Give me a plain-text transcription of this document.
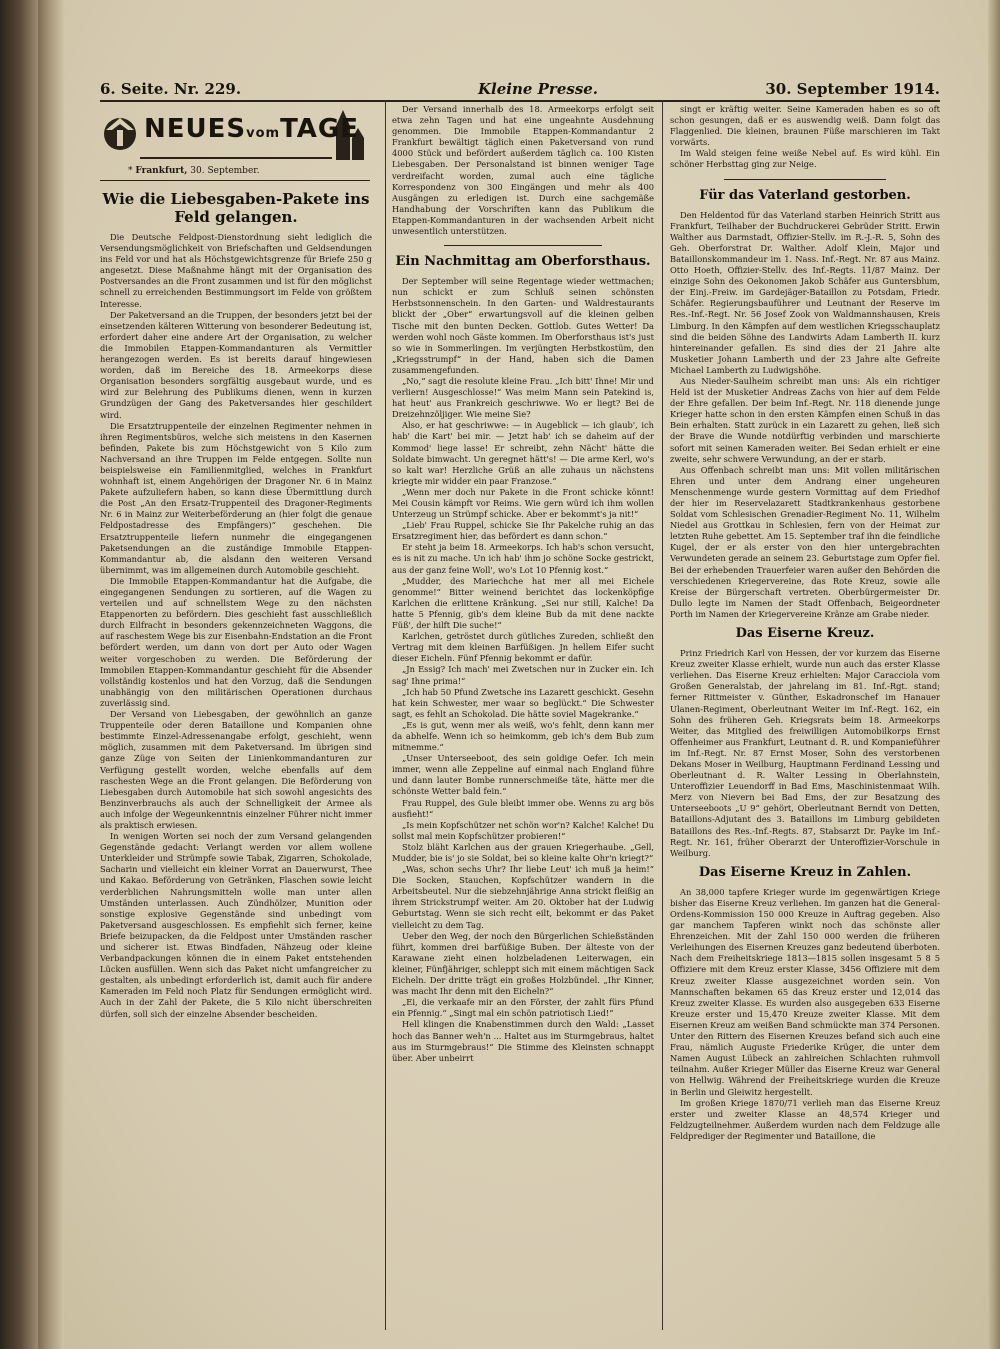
6. Seite. Nr. 229.	Kleine Presse.	30. September 1914.
NEUESvomTAGE
* Frankfurt, 30. September.
Wie die Liebesgaben-Pakete ins Feld gelangen.

Die Deutsche Feldpost-Dienstordnung sieht lediglich die Versendungsmöglichkeit von Briefschaften und Geldsendungen ins Feld vor und hat als Höchstgewichtsgrenze für Briefe 250 g angesetzt. Diese Maßnahme hängt mit der Organisation des Postversandes an die Front zusammen und ist für den möglichst schnell zu erreichenden Bestimmungsort im Felde von größtem Interesse.

Der Paketversand an die Truppen, der besonders jetzt bei der einsetzenden kälteren Witterung von besonderer Bedeutung ist, erfordert daher eine andere Art der Organisation, zu welcher die Immobilen Etappen-Kommandanturen als Vermittler herangezogen werden. Es ist bereits darauf hingewiesen worden, daß im Bereiche des 18. Armeekorps diese Organisation besonders sorgfältig ausgebaut wurde, und es wird zur Belehrung des Publikums dienen, wenn in kurzen Grundzügen der Gang des Paketversandes hier geschildert wird.

Die Ersatztruppenteile der einzelnen Regimenter nehmen in ihren Regimentsbüros, welche sich meistens in den Kasernen befinden, Pakete bis zum Höchstgewicht von 5 Kilo zum Nachversand an ihre Truppen im Felde entgegen. Sollte nun beispielsweise ein Familienmitglied, welches in Frankfurt wohnhaft ist, einem Angehörigen der Dragoner Nr. 6 in Mainz Pakete aufzuliefern haben, so kann diese Übermittlung durch die Post „An den Ersatz-Truppenteil des Dragoner-Regiments Nr. 6 in Mainz zur Weiterbeförderung an (hier folgt die genaue Feldpostadresse des Empfängers)“ geschehen. Die Ersatztruppenteile liefern nunmehr die eingegangenen Paketsendungen an die zuständige Immobile Etappen-Kommandantur ab, die alsdann den weiteren Versand übernimmt, was im allgemeinen durch Automobile geschieht.

Die Immobile Etappen-Kommandantur hat die Aufgabe, die eingegangenen Sendungen zu sortieren, auf die Wagen zu verteilen und auf schnellstem Wege zu den nächsten Etappenorten zu befördern. Dies geschieht fast ausschließlich durch Eilfracht in besonders gekennzeichneten Waggons, die auf raschestem Wege bis zur Eisenbahn-Endstation an die Front befördert werden, um dann von dort per Auto oder Wagen weiter vorgeschoben zu werden. Die Beförderung der Immobilen Etappen-Kommandantur geschieht für die Absender vollständig kostenlos und hat den Vorzug, daß die Sendungen unabhängig von den militärischen Operationen durchaus zuverlässig sind.

Der Versand von Liebesgaben, der gewöhnlich an ganze Truppenteile oder deren Bataillone und Kompanien ohne bestimmte Einzel-Adressenangabe erfolgt, geschieht, wenn möglich, zusammen mit dem Paketversand. Im übrigen sind ganze Züge von Seiten der Linienkommandanturen zur Verfügung gestellt worden, welche ebenfalls auf dem raschesten Wege an die Front gelangen. Die Beförderung von Liebesgaben durch Automobile hat sich sowohl angesichts des Benzinverbrauchs als auch der Schnelligkeit der Armee als auch infolge der Wegeunkenntnis einzelner Führer nicht immer als praktisch erwiesen.

In wenigen Worten sei noch der zum Versand gelangenden Gegenstände gedacht: Verlangt werden vor allem wollene Unterkleider und Strümpfe sowie Tabak, Zigarren, Schokolade, Sacharin und vielleicht ein kleiner Vorrat an Dauerwurst, Thee und Kakao. Beförderung von Getränken, Flaschen sowie leicht verderblichen Nahrungsmitteln wolle man unter allen Umständen unterlassen. Auch Zündhölzer, Munition oder sonstige explosive Gegenstände sind unbedingt vom Paketversand ausgeschlossen. Es empfiehlt sich ferner, keine Briefe beizupacken, da die Feldpost unter Umständen rascher und sicherer ist. Etwas Bindfaden, Nähzeug oder kleine Verbandpackungen können die in einem Paket entstehenden Lücken ausfüllen. Wenn sich das Paket nicht umfangreicher zu gestalten, als unbedingt erforderlich ist, damit auch für andere Kameraden im Feld noch Platz für Sendungen ermöglicht wird. Auch in der Zahl der Pakete, die 5 Kilo nicht überschreiten dürfen, soll sich der einzelne Absender bescheiden.

Der Versand innerhalb des 18. Armeekorps erfolgt seit etwa zehn Tagen und hat eine ungeahnte Ausdehnung genommen. Die Immobile Etappen-Kommandantur 2 Frankfurt bewältigt täglich einen Paketversand von rund 4000 Stück und befördert außerdem täglich ca. 100 Kisten Liebesgaben. Der Personalstand ist binnen weniger Tage verdreifacht worden, zumal auch eine tägliche Korrespondenz von 300 Eingängen und mehr als 400 Ausgängen zu erledigen ist. Durch eine sachgemäße Handhabung der Vorschriften kann das Publikum die Etappen-Kommandanturen in der wachsenden Arbeit nicht unwesentlich unterstützen.

Ein Nachmittag am Oberforsthaus.

Der September will seine Regentage wieder wettmachen; nun schickt er zum Schluß seinen schönsten Herbstsonnenschein. In den Garten- und Waldrestaurants blickt der „Ober“ erwartungsvoll auf die kleinen gelben Tische mit den bunten Decken. Gottlob. Gutes Wetter! Da werden wohl noch Gäste kommen. Im Oberforsthaus ist's just so wie in Sommerlingen. Im verjüngten Herbstkostüm, den „Kriegsstrumpf“ in der Hand, haben sich die Damen zusammengefunden.

„No,“ sagt die resolute kleine Frau. „Ich bitt' Ihne! Mir und verliern! Ausgeschlosse!“ Was meim Mann sein Patekind is, hat heut' aus Frankreich geschriwwe. Wo er liegt? Bei de Dreizehnzöljiger. Wie meine Sie?

Also, er hat geschriwwe: — in Augeblick — ich glaub', ich hab' die Kart' bei mir. — Jetzt hab' ich se daheim auf der Kommod' liege lasse! Er schreibt, zehn Nächt' hätte die Soldate bimwacht. Un geregnet hätt's! — Die arme Kerl, wo's so kalt war! Herzliche Grüß an alle zuhaus un nächstens kriegte mir widder ein paar Franzose.“

„Wenn mer doch nur Pakete in die Front schicke könnt! Mei Cousin kämpft vor Reims. Wie gern würd ich ihm wollen Unterzeug un Strümpf schicke. Aber er bekommt's ja nit!“

„Lieb' Frau Ruppel, schicke Sie Ihr Pakelche ruhig an das Ersatzregiment hier, das befördert es dann schon.“

Er steht ja beim 18. Armeekorps. Ich hab's schon versucht, es is nit zu mache. Un ich hab' ihm jo schöne Socke gestrickt, aus der ganz feine Woll', wo's Lot 10 Pfennig kost.“

„Mudder, des Mariechche hat mer all mei Eichele genomme!“ Bitter weinend berichtet das lockenköpfige Karlchen die erlittene Kränkung. „Sei nur still, Kalche! Da hatte 5 Pfennig, gib's dem kleine Bub da mit dene nackte Füß', der hilft Die suche!“

Karlchen, getröstet durch gütliches Zureden, schließt den Vertrag mit dem kleinen Barfüßigen. Jn hellem Eifer sucht dieser Eicheln. Fünf Pfennig bekommt er dafür.

„Jn Essig? Ich mach' mei Zwetschen nur in Zucker ein. Ich sag' Ihne prima!“

„Ich hab 50 Pfund Zwetsche ins Lazarett geschickt. Gesehn hat kein Schwester, mer waar so beglückt.“ Die Schwester sagt, es fehlt an Schokolad. Die hätte soviel Magekranke.“

„Es is gut, wenn mer als weiß, wo's fehlt, denn kann mer da abhelfe. Wenn ich so heimkomm, geb ich's dem Bub zum mitnemme.“

„Unser Unterseeboot, des sein goldige Oefer. Ich mein immer, wenn alle Zeppeline auf einmal nach England führe und dann lauter Bombe runnerschmeiße täte, hätte mer die schönste Wetter bald fein.“

Frau Ruppel, des Gule bleibt immer obe. Wenns zu arg bös ausfieht!“

„Is mein Kopfschützer net schön wor'n? Kalche! Kalche! Du sollst mal mein Kopfschützer probieren!“

Stolz bläht Karlchen aus der grauen Kriegerhaube. „Gell, Mudder, bie is' jo sie Soldat, bei so kleine kalte Ohr'n kriegt?“

„Was, schon sechs Uhr? Ihr liebe Leut' ich muß ja heim!“ Die Socken, Stauchen, Kopfschützer wandern in die Arbeitsbeutel. Nur die siebzehnjährige Anna strickt fleißig an ihrem Strickstrumpf weiter. Am 20. Oktober hat der Ludwig Geburtstag. Wenn sie sich recht eilt, bekommt er das Paket vielleicht zu dem Tag.

Ueber den Weg, der noch den Bürgerlichen Schießständen führt, kommen drei barfüßige Buben. Der älteste von der Karawane zieht einen holzbeladenen Leiterwagen, ein kleiner, Fünfjähriger, schleppt sich mit einem mächtigen Sack Eicheln. Der dritte trägt ein großes Holzbündel. „Ihr Kinner, was macht Ihr denn mit den Eicheln?“

„Ei, die verkaafe mir an den Förster, der zahlt fürs Pfund ein Pfennig.“ „Singt mal ein schön patriotisch Lied!“

Hell klingen die Knabenstimmen durch den Wald: „Lasset hoch das Banner weh'n ... Haltet aus im Sturmgebraus, haltet aus im Sturmgebraus!“ Die Stimme des Kleinsten schnappt über. Aber unbeirrt

singt er kräftig weiter. Seine Kameraden haben es so oft schon gesungen, daß er es auswendig weiß. Dann folgt das Flaggenlied. Die kleinen, braunen Füße marschieren im Takt vorwärts.

Im Wald steigen feine weiße Nebel auf. Es wird kühl. Ein schöner Herbsttag ging zur Neige.

Für das Vaterland gestorben.

Den Heldentod für das Vaterland starben Heinrich Stritt aus Frankfurt, Teilhaber der Buchdruckerei Gebrüder Stritt. Erwin Walther aus Darmstadt, Offizier-Stellv. im R.-J.-R. 5, Sohn des Geh. Oberforstrat Dr. Walther. Adolf Klein, Major und Bataillonskommandeur im 1. Nass. Inf.-Regt. Nr. 87 aus Mainz. Otto Hoeth, Offizier-Stellv. des Inf.-Regts. 11/87 Mainz. Der einzige Sohn des Oekonomen Jakob Schäfer aus Guntersblum, der Einj.-Freiw. im Gardejäger-Bataillon zu Potsdam, Friedr. Schäfer. Regierungsbauführer und Leutnant der Reserve im Res.-Inf.-Regt. Nr. 56 Josef Zook von Waldmannshausen, Kreis Limburg. In den Kämpfen auf dem westlichen Kriegsschauplatz sind die beiden Söhne des Landwirts Adam Lamberth II. kurz hintereinander gefallen. Es sind dies der 21 Jahre alte Musketier Johann Lamberth und der 23 Jahre alte Gefreite Michael Lamberth zu Ludwigshöhe.

Aus Nieder-Saulheim schreibt man uns: Als ein richtiger Held ist der Musketier Andreas Zachs von hier auf dem Felde der Ehre gefallen. Der beim Inf.-Regt. Nr. 118 dienende junge Krieger hatte schon in den ersten Kämpfen einen Schuß in das Bein erhalten. Statt zurück in ein Lazarett zu gehen, ließ sich der Brave die Wunde notdürftig verbinden und marschierte sofort mit seinen Kameraden weiter. Bei Sedan erhielt er eine zweite, sehr schwere Verwundung, an der er starb.

Aus Offenbach schreibt man uns: Mit vollen militärischen Ehren und unter dem Andrang einer ungeheuren Menschenmenge wurde gestern Vormittag auf dem Friedhof der hier im Reservelazarett Stadtkrankenhaus gestorbene Soldat vom Schlesischen Grenadier-Regiment No. 11, Wilhelm Niedel aus Grottkau in Schlesien, fern von der Heimat zur letzten Ruhe gebettet. Am 15. September traf ihn die feindliche Kugel, der er als erster von den hier untergebrachten Verwundeten gerade an seinem 23. Geburtstage zum Opfer fiel. Bei der erhebenden Trauerfeier waren außer den Behörden die verschiedenen Kriegervereine, das Rote Kreuz, sowie alle Kreise der Bürgerschaft vertreten. Oberbürgermeister Dr. Dullo legte im Namen der Stadt Offenbach, Beigeordneter Porth im Namen der Kriegervereine Kränze am Grabe nieder.

Das Eiserne Kreuz.

Prinz Friedrich Karl von Hessen, der vor kurzem das Eiserne Kreuz zweiter Klasse erhielt, wurde nun auch das erster Klasse verliehen. Das Eiserne Kreuz erhielten: Major Caracciola vom Großen Generalstab, der jahrelang im 81. Inf.-Rgt. stand; ferner Rittmeister v. Günther, Eskadronschef im Hanauer Ulanen-Regiment, Oberleutnant Weiter im Inf.-Regt. 162, ein Sohn des früheren Geh. Kriegsrats beim 18. Armeekorps Weiter, das Mitglied des freiwilligen Automobilkorps Ernst Offenheimer aus Frankfurt, Leutnant d. R. und Kompanieführer im Inf.-Regt. Nr. 87 Ernst Moser, Sohn des verstorbenen Dekans Moser in Weilburg, Hauptmann Ferdinand Lessing und Oberleutnant d. R. Walter Lessing in Oberlahnstein, Unteroffizier Leuendorff in Bad Ems, Maschinistenmaat Wilh. Merz von Nievern bei Bad Ems, der zur Besatzung des Unterseeboots „U 9“ gehört, Oberleutnant Berndt von Detten, Bataillons-Adjutant des 3. Bataillons im Limburg gebildeten Bataillons des Res.-Inf.-Regts. 87, Stabsarzt Dr. Payke im Inf.-Regt. Nr. 161, früher Oberarzt der Unteroffizier-Vorschule in Weilburg.

Das Eiserne Kreuz in Zahlen.

An 38,000 tapfere Krieger wurde im gegenwärtigen Kriege bisher das Eiserne Kreuz verliehen. Im ganzen hat die General-Ordens-Kommission 150 000 Kreuze in Auftrag gegeben. Also gar manchem Tapferen winkt noch das schönste aller Ehrenzeichen. Mit der Zahl 150 000 werden die früheren Verleihungen des Eisernen Kreuzes ganz bedeutend überboten. Nach dem Freiheitskriege 1813—1815 sollen insgesamt 5 8 5 Offiziere mit dem Kreuz erster Klasse, 3456 Offiziere mit dem Kreuz zweiter Klasse ausgezeichnet worden sein. Von Mannschaften bekamen 65 das Kreuz erster und 12,014 das Kreuz zweiter Klasse. Es wurden also ausgegeben 633 Eiserne Kreuze erster und 15,470 Kreuze zweiter Klasse. Mit dem Eisernen Kreuz am weißen Band schmückte man 374 Personen. Unter den Rittern des Eisernen Kreuzes befand sich auch eine Frau, nämlich Auguste Friederike Krüger, die unter dem Namen August Lübeck an zahlreichen Schlachten ruhmvoll teilnahm. Außer Krieger Müller das Eiserne Kreuz war General von Hellwig. Während der Freiheitskriege wurden die Kreuze in Berlin und Gleiwitz hergestellt.

Im großen Kriege 1870/71 verlieh man das Eiserne Kreuz erster und zweiter Klasse an 48,574 Krieger und Feldzugteilnehmer. Außerdem wurden nach dem Feldzuge alle Feldprediger der Regimenter und Bataillone, die
